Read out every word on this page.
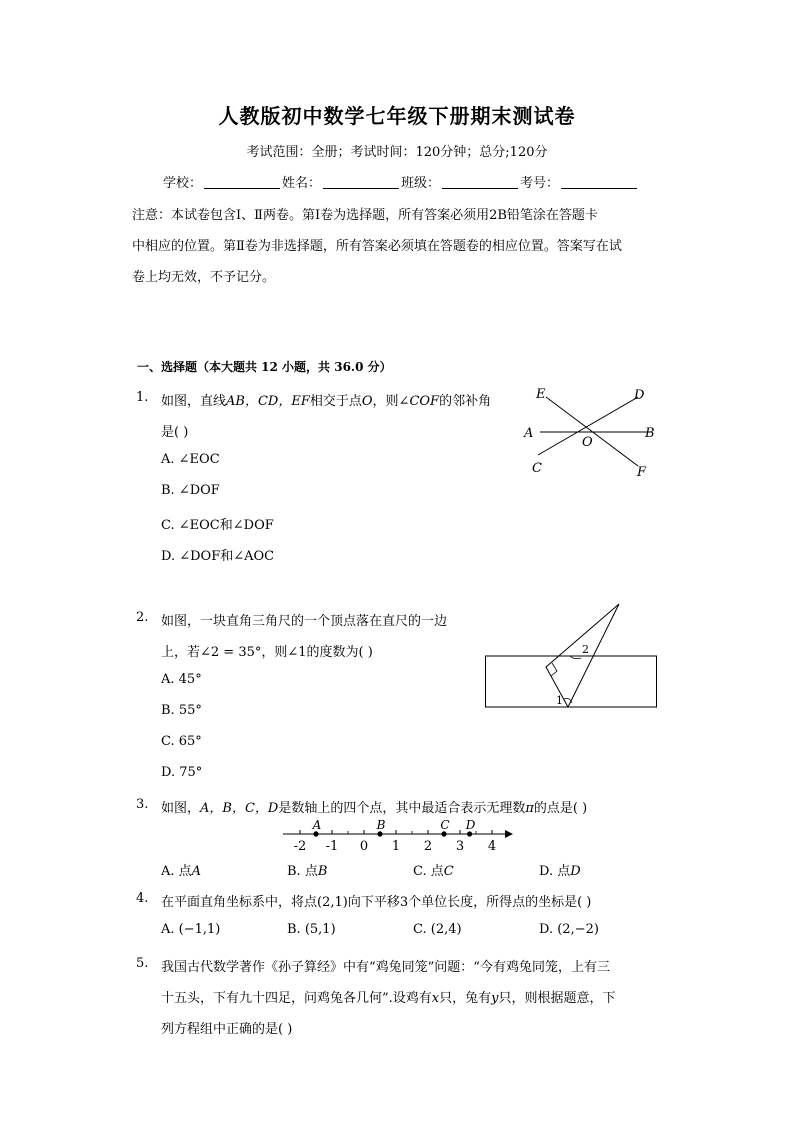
人教版初中数学七年级下册期末测试卷
考试范围：全册；考试时间：120分钟；总分;120分
学校：	姓名：	班级：	考号：
注意：本试卷包含Ⅰ、Ⅱ两卷。第Ⅰ卷为选择题，所有答案必须用2B铅笔涂在答题卡
中相应的位置。第Ⅱ卷为非选择题，所有答案必须填在答题卷的相应位置。答案写在试
卷上均无效，不予记分。
一、选择题（本大题共 12 小题，共 36.0 分）
1. 如图，直线AB，CD，EF相交于点O，则∠COF的邻补角
是( )
A. ∠EOC
B. ∠DOF
C. ∠EOC和∠DOF
D. ∠DOF和∠AOC
E	D
A	B
O
C	F
2. 如图，一块直角三角尺的一个顶点落在直尺的一边
上，若∠2 = 35°，则∠1的度数为( )
A. 45°
B. 55°
C. 65°
D. 75°
2
1
3. 如图，A，B，C，D是数轴上的四个点，其中最适合表示无理数π的点是( )
-2 -1 0 1 2 3 4
A	B	C D
A. 点A	B. 点B	C. 点C	D. 点D
4. 在平面直角坐标系中，将点(2,1)向下平移3个单位长度，所得点的坐标是( )
A. (−1,1)	B. (5,1)	C. (2,4)	D. (2,−2)
5. 我国古代数学著作《孙子算经》中有“鸡兔同笼”问题：“今有鸡兔同笼，上有三
十五头，下有九十四足，问鸡兔各几何”.设鸡有x只，兔有y只，则根据题意，下
列方程组中正确的是( )
